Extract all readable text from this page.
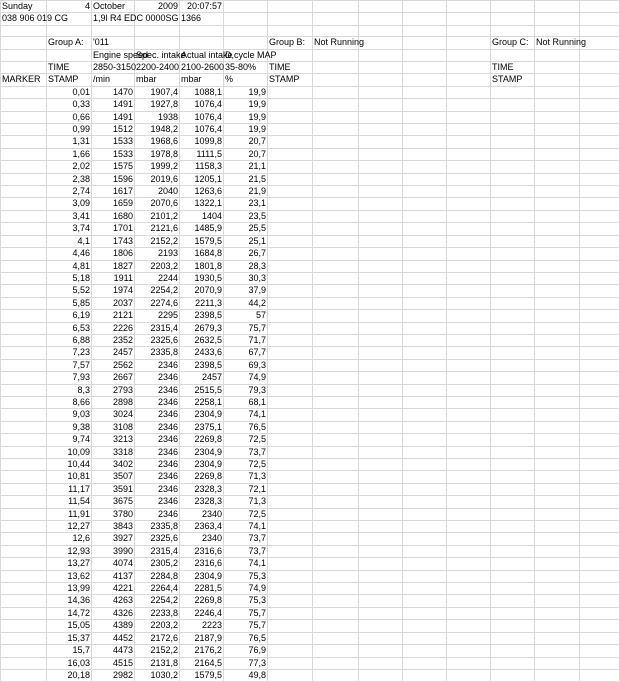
Sunday	4	October	2009	20:07:57									
038 906 019 CG		1,9l R4 EDC 0000SG		1366									

	Group A:	'011				Group B:	Not Running				Group C:	Not Running	
		Engine speed	Spec. intake	Actual intake	D,cycle MAP								
	TIME	2850-3150	2200-2400	2100-2600	35-80%	TIME					TIME		
MARKER	STAMP	/min	mbar	mbar	%	STAMP					STAMP		
	0,01	1470	1907,4	1088,1	19,9								
	0,33	1491	1927,8	1076,4	19,9								
	0,66	1491	1938	1076,4	19,9								
	0,99	1512	1948,2	1076,4	19,9								
	1,31	1533	1968,6	1099,8	20,7								
	1,66	1533	1978,8	1111,5	20,7								
	2,02	1575	1999,2	1158,3	21,1								
	2,38	1596	2019,6	1205,1	21,5								
	2,74	1617	2040	1263,6	21,9								
	3,09	1659	2070,6	1322,1	23,1								
	3,41	1680	2101,2	1404	23,5								
	3,74	1701	2121,6	1485,9	25,5								
	4,1	1743	2152,2	1579,5	25,1								
	4,46	1806	2193	1684,8	26,7								
	4,81	1827	2203,2	1801,8	28,3								
	5,18	1911	2244	1930,5	30,3								
	5,52	1974	2254,2	2070,9	37,9								
	5,85	2037	2274,6	2211,3	44,2								
	6,19	2121	2295	2398,5	57								
	6,53	2226	2315,4	2679,3	75,7								
	6,88	2352	2325,6	2632,5	71,7								
	7,23	2457	2335,8	2433,6	67,7								
	7,57	2562	2346	2398,5	69,3								
	7,93	2667	2346	2457	74,9								
	8,3	2793	2346	2515,5	79,3								
	8,66	2898	2346	2258,1	68,1								
	9,03	3024	2346	2304,9	74,1								
	9,38	3108	2346	2375,1	76,5								
	9,74	3213	2346	2269,8	72,5								
	10,09	3318	2346	2304,9	73,7								
	10,44	3402	2346	2304,9	72,5								
	10,81	3507	2346	2269,8	71,3								
	11,17	3591	2346	2328,3	72,1								
	11,54	3675	2346	2328,3	71,3								
	11,91	3780	2346	2340	72,5								
	12,27	3843	2335,8	2363,4	74,1								
	12,6	3927	2325,6	2340	73,7								
	12,93	3990	2315,4	2316,6	73,7								
	13,27	4074	2305,2	2316,6	74,1								
	13,62	4137	2284,8	2304,9	75,3								
	13,99	4221	2264,4	2281,5	74,9								
	14,36	4263	2254,2	2269,8	75,3								
	14,72	4326	2233,8	2246,4	75,7								
	15,05	4389	2203,2	2223	75,7								
	15,37	4452	2172,6	2187,9	76,5								
	15,7	4473	2152,2	2176,2	76,9								
	16,03	4515	2131,8	2164,5	77,3								
	20,18	2982	1030,2	1579,5	49,8								
